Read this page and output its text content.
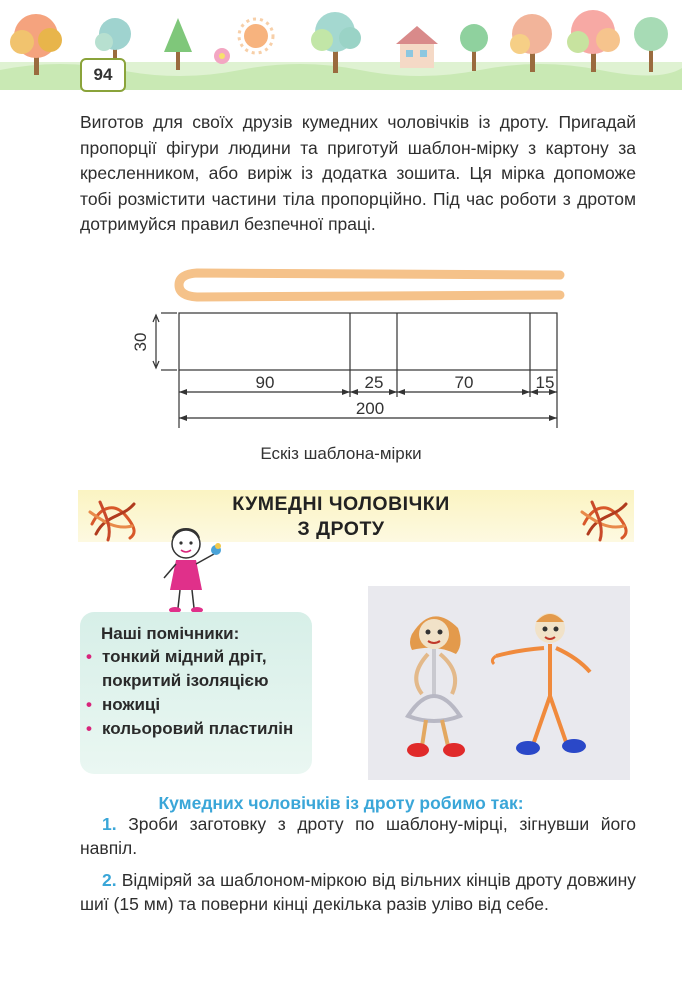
94

Виготов для своїх друзів кумедних чоловічків із дроту. Пригадай пропорції фігури людини та приготуй шаблон-мірку з картону за кресленником, або виріж із додатка зошита. Ця мірка допоможе тобі розмістити частини тіла пропорційно. Під час роботи з дротом дотримуйся правил безпечної праці.

30
90	25	70	15
200
Ескіз шаблона-мірки
КУМЕДНІ ЧОЛОВІЧКИ
З ДРОТУ
Наші помічники:
• тонкий мідний дріт, покритий ізоляцією
• ножиці
• кольоровий пластилін
Кумедних чоловічків із дроту робимо так:

1. Зроби заготовку з дроту по шаблону-мірці, зігнувши його навпіл.

2. Відміряй за шаблоном-міркою від вільних кінців дроту довжину шиї (15 мм) та поверни кінці декілька разів уліво від себе.
